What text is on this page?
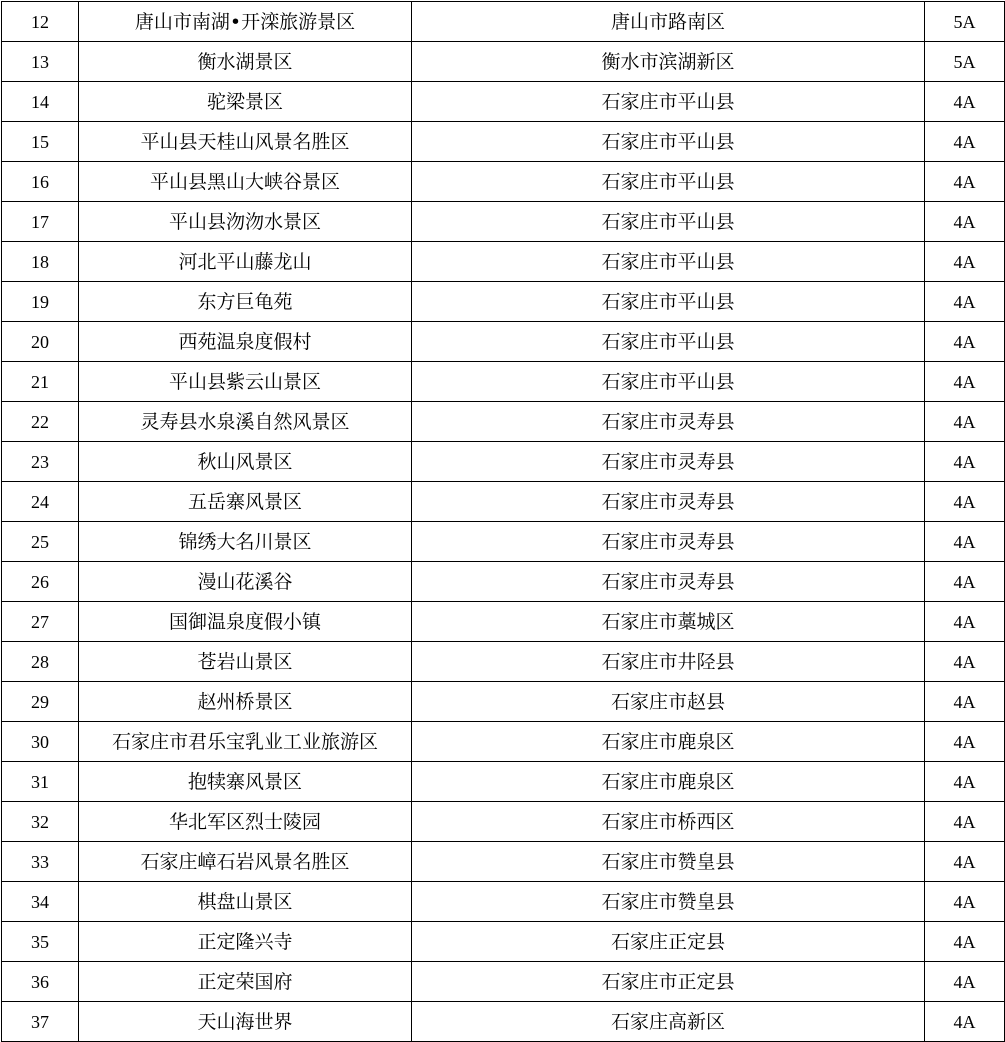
12	唐山市南湖•开滦旅游景区	唐山市路南区	5A
13	衡水湖景区	衡水市滨湖新区	5A
14	驼梁景区	石家庄市平山县	4A
15	平山县天桂山风景名胜区	石家庄市平山县	4A
16	平山县黑山大峡谷景区	石家庄市平山县	4A
17	平山县沕沕水景区	石家庄市平山县	4A
18	河北平山藤龙山	石家庄市平山县	4A
19	东方巨龟苑	石家庄市平山县	4A
20	西苑温泉度假村	石家庄市平山县	4A
21	平山县紫云山景区	石家庄市平山县	4A
22	灵寿县水泉溪自然风景区	石家庄市灵寿县	4A
23	秋山风景区	石家庄市灵寿县	4A
24	五岳寨风景区	石家庄市灵寿县	4A
25	锦绣大名川景区	石家庄市灵寿县	4A
26	漫山花溪谷	石家庄市灵寿县	4A
27	国御温泉度假小镇	石家庄市藁城区	4A
28	苍岩山景区	石家庄市井陉县	4A
29	赵州桥景区	石家庄市赵县	4A
30	石家庄市君乐宝乳业工业旅游区	石家庄市鹿泉区	4A
31	抱犊寨风景区	石家庄市鹿泉区	4A
32	华北军区烈士陵园	石家庄市桥西区	4A
33	石家庄嶂石岩风景名胜区	石家庄市赞皇县	4A
34	棋盘山景区	石家庄市赞皇县	4A
35	正定隆兴寺	石家庄正定县	4A
36	正定荣国府	石家庄市正定县	4A
37	天山海世界	石家庄高新区	4A
